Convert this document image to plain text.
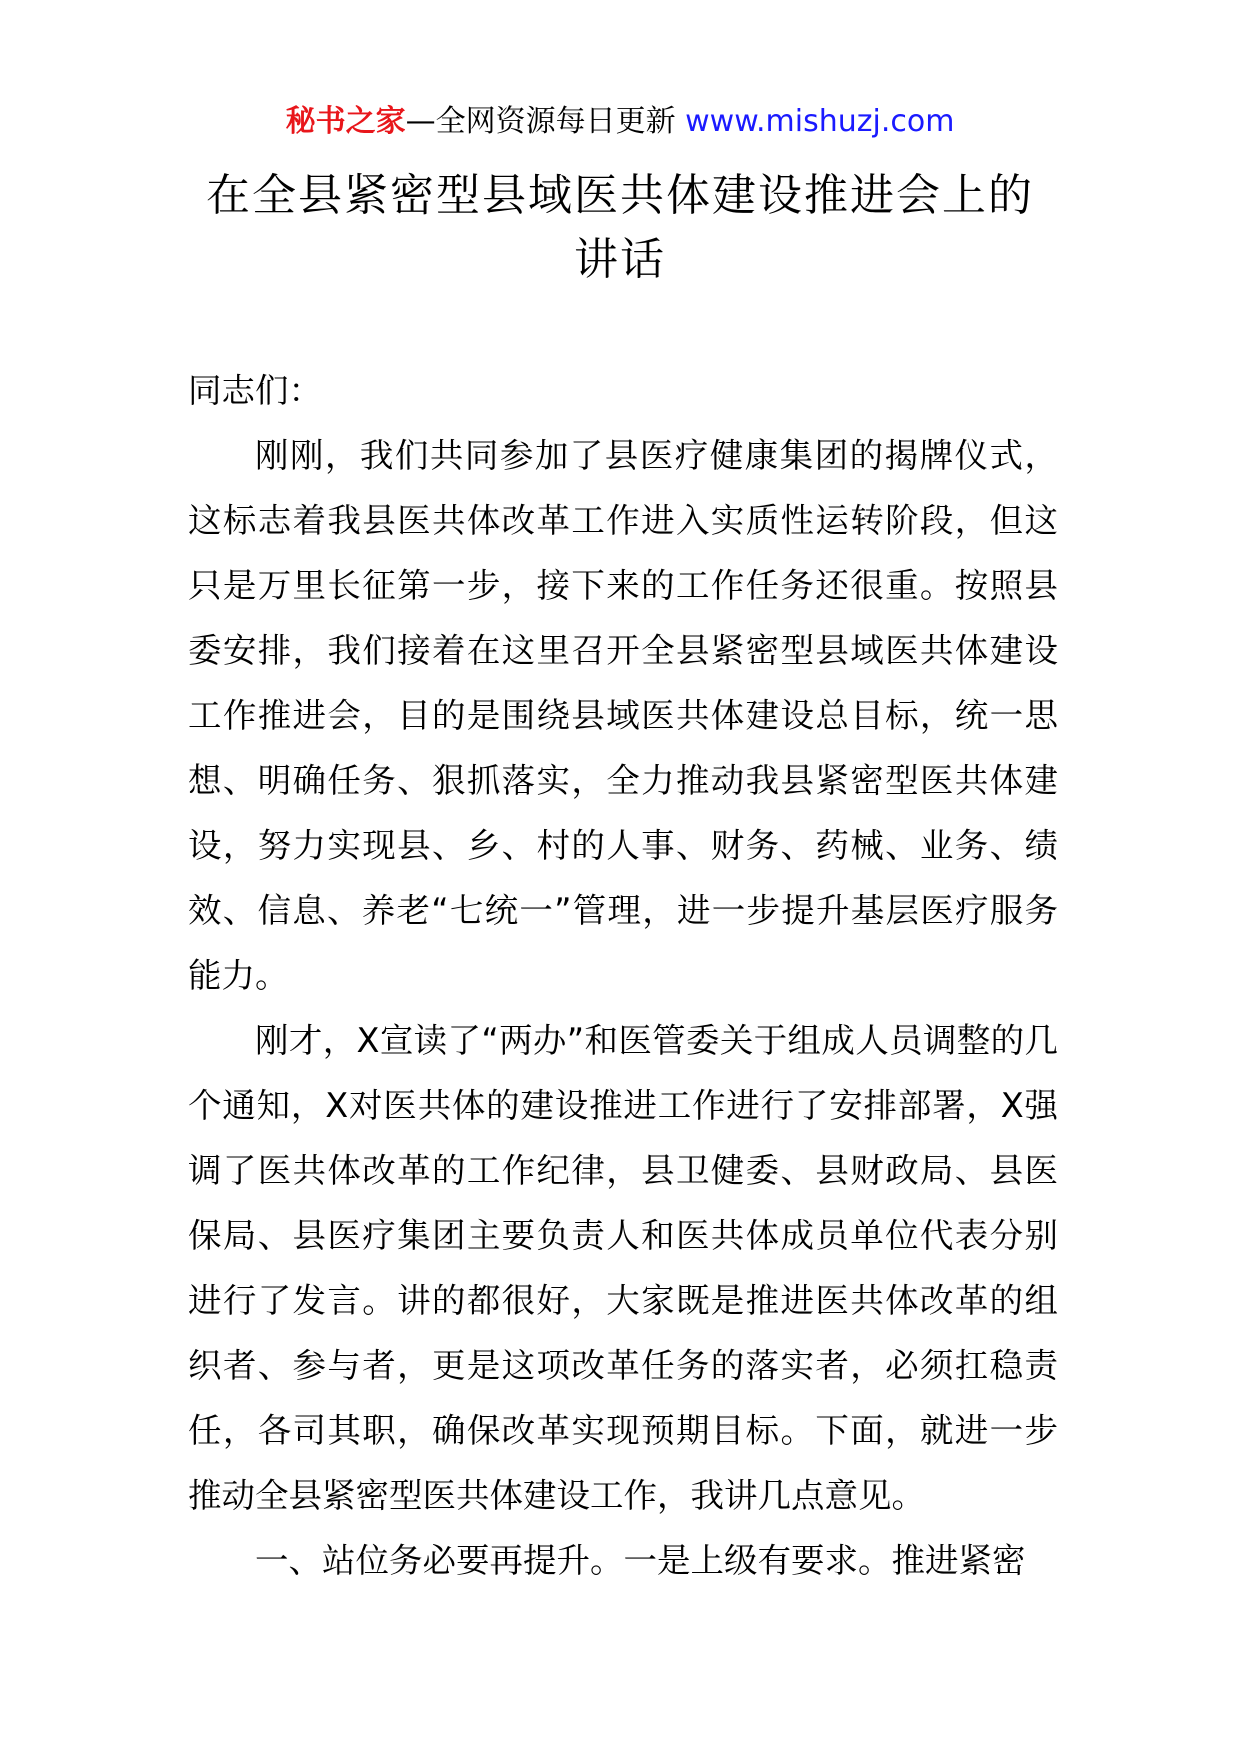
秘书之家—全网资源每日更新 www.mishuzj.com
在全县紧密型县域医共体建设推进会上的
讲话

同志们：

刚刚，我们共同参加了县医疗健康集团的揭牌仪式，这标志着我县医共体改革工作进入实质性运转阶段，但这只是万里长征第一步，接下来的工作任务还很重。按照县委安排，我们接着在这里召开全县紧密型县域医共体建设工作推进会，目的是围绕县域医共体建设总目标，统一思想、明确任务、狠抓落实，全力推动我县紧密型医共体建设，努力实现县、乡、村的人事、财务、药械、业务、绩效、信息、养老“七统一”管理，进一步提升基层医疗服务能力。

刚才，X宣读了“两办”和医管委关于组成人员调整的几个通知，X对医共体的建设推进工作进行了安排部署，X强调了医共体改革的工作纪律，县卫健委、县财政局、县医保局、县医疗集团主要负责人和医共体成员单位代表分别进行了发言。讲的都很好，大家既是推进医共体改革的组织者、参与者，更是这项改革任务的落实者，必须扛稳责任，各司其职，确保改革实现预期目标。下面，就进一步推动全县紧密型医共体建设工作，我讲几点意见。

一、站位务必要再提升。一是上级有要求。推进紧密
